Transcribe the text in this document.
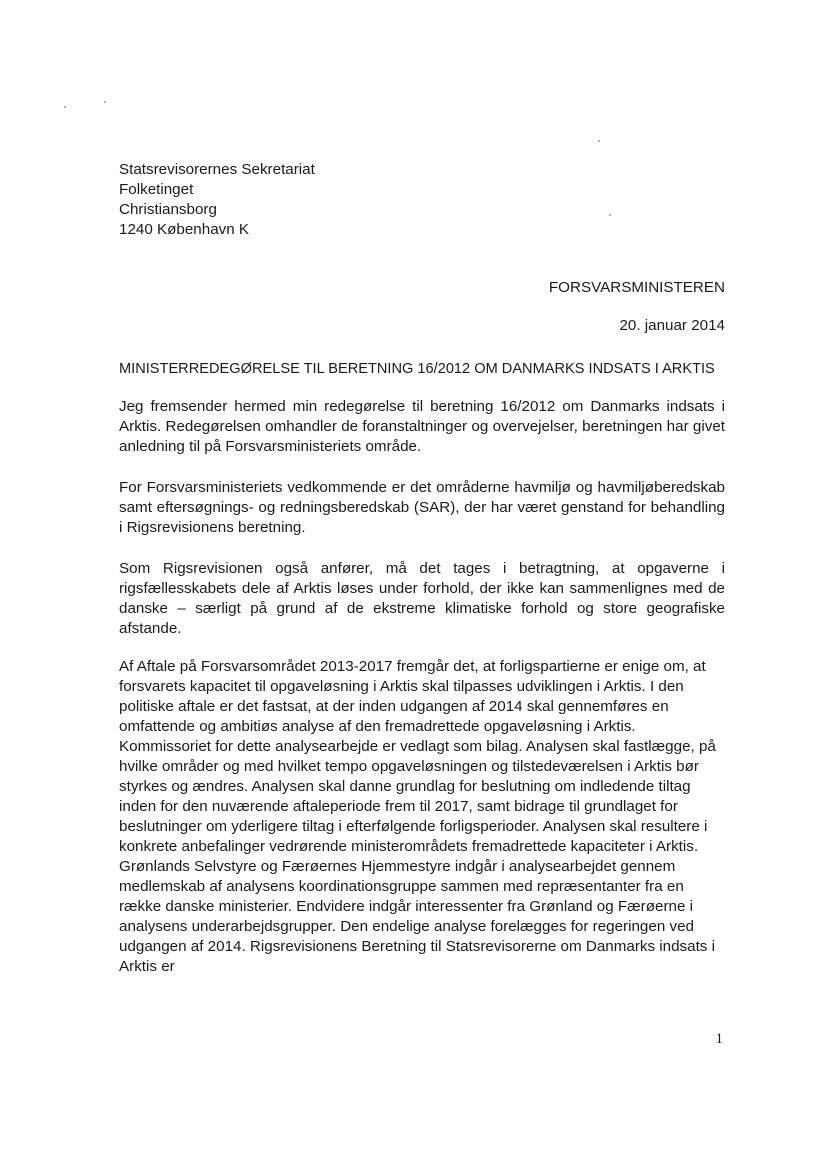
Statsrevisorernes Sekretariat
Folketinget
Christiansborg
1240 København K
FORSVARSMINISTEREN
20. januar 2014
MINISTERREDEGØRELSE TIL BERETNING 16/2012 OM DANMARKS INDSATS I ARKTIS

Jeg fremsender hermed min redegørelse til beretning 16/2012 om Danmarks indsats i Arktis. Redegørelsen omhandler de foranstaltninger og overvejelser, beretningen har givet anledning til på Forsvarsministeriets område.

For Forsvarsministeriets vedkommende er det områderne havmiljø og havmiljøberedskab samt eftersøgnings- og redningsberedskab (SAR), der har været genstand for behandling i Rigsrevisionens beretning.

Som Rigsrevisionen også anfører, må det tages i betragtning, at opgaverne i rigsfællesskabets dele af Arktis løses under forhold, der ikke kan sammenlignes med de danske – særligt på grund af de ekstreme klimatiske forhold og store geografiske afstande.

Af Aftale på Forsvarsområdet 2013-2017 fremgår det, at forligspartierne er enige om, at forsvarets kapacitet til opgaveløsning i Arktis skal tilpasses udviklingen i Arktis. I den politiske aftale er det fastsat, at der inden udgangen af 2014 skal gennemføres en omfattende og ambitiøs analyse af den fremadrettede opgaveløsning i Arktis. Kommissoriet for dette analysearbejde er vedlagt som bilag. Analysen skal fastlægge, på hvilke områder og med hvilket tempo opgaveløsningen og tilstedeværelsen i Arktis bør styrkes og ændres. Analysen skal danne grundlag for beslutning om indledende tiltag inden for den nuværende aftaleperiode frem til 2017, samt bidrage til grundlaget for beslutninger om yderligere tiltag i efterfølgende forligsperioder. Analysen skal resultere i konkrete anbefalinger vedrørende ministerområdets fremadrettede kapaciteter i Arktis. Grønlands Selvstyre og Færøernes Hjemmestyre indgår i analysearbejdet gennem medlemskab af analysens koordinationsgruppe sammen med repræsentanter fra en række danske ministerier. Endvidere indgår interessenter fra Grønland og Færøerne i analysens underarbejdsgrupper. Den endelige analyse forelægges for regeringen ved udgangen af 2014. Rigsrevisionens Beretning til Statsrevisorerne om Danmarks indsats i Arktis er

1
